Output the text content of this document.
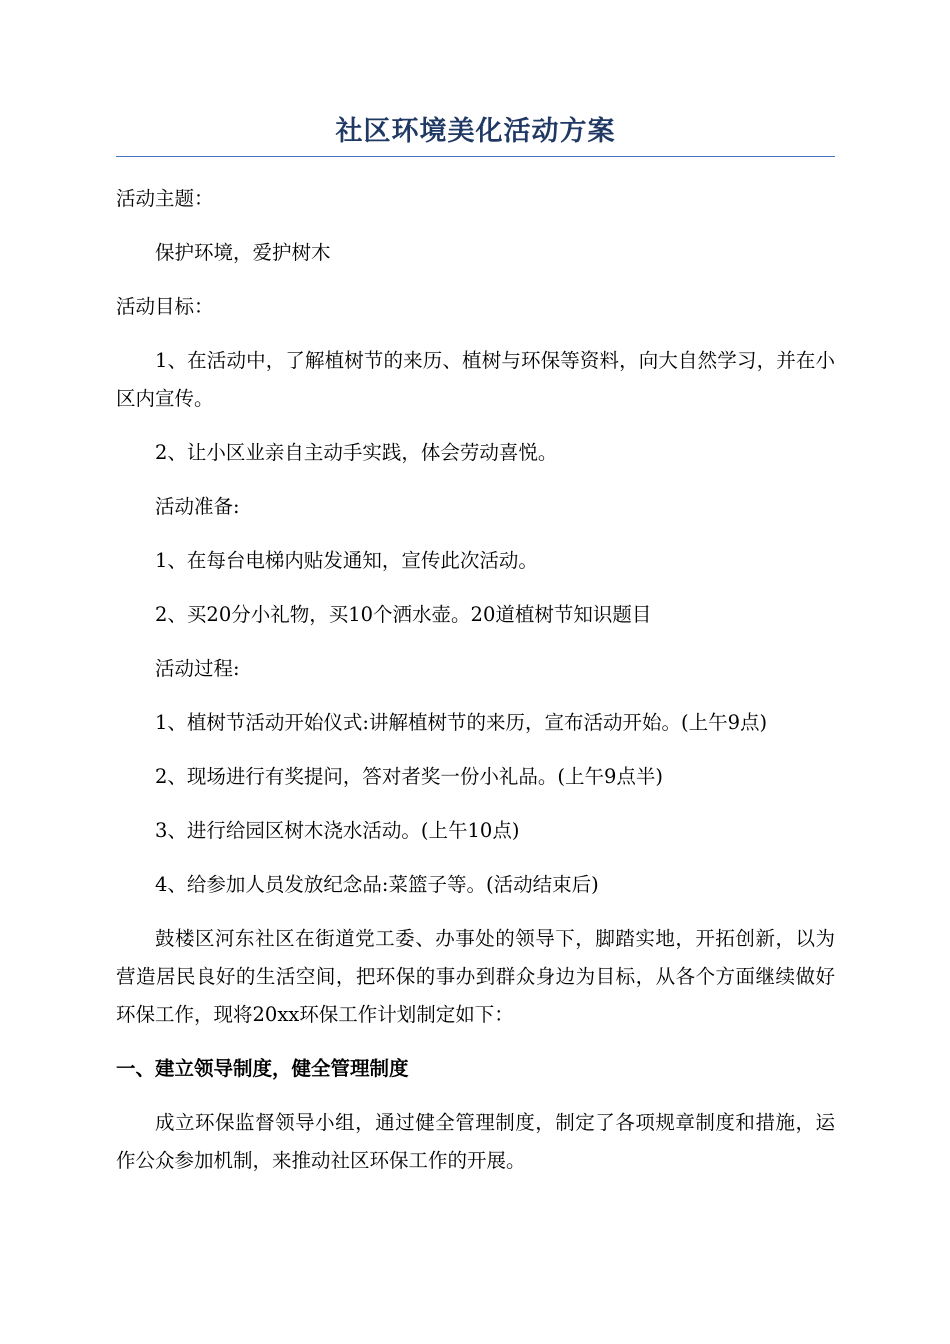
社区环境美化活动方案

活动主题：

保护环境，爱护树木

活动目标：

1、在活动中，了解植树节的来历、植树与环保等资料，向大自然学习，并在小区内宣传。

2、让小区业亲自主动手实践，体会劳动喜悦。

活动准备:

1、在每台电梯内贴发通知，宣传此次活动。

2、买20分小礼物，买10个洒水壶。20道植树节知识题目

活动过程:

1、植树节活动开始仪式:讲解植树节的来历，宣布活动开始。(上午9点)

2、现场进行有奖提问，答对者奖一份小礼品。(上午9点半)

3、进行给园区树木浇水活动。(上午10点)

4、给参加人员发放纪念品:菜篮子等。(活动结束后)

鼓楼区河东社区在街道党工委、办事处的领导下，脚踏实地，开拓创新，以为营造居民良好的生活空间，把环保的事办到群众身边为目标，从各个方面继续做好环保工作，现将20xx环保工作计划制定如下：

一、建立领导制度，健全管理制度

成立环保监督领导小组，通过健全管理制度，制定了各项规章制度和措施，运作公众参加机制，来推动社区环保工作的开展。
